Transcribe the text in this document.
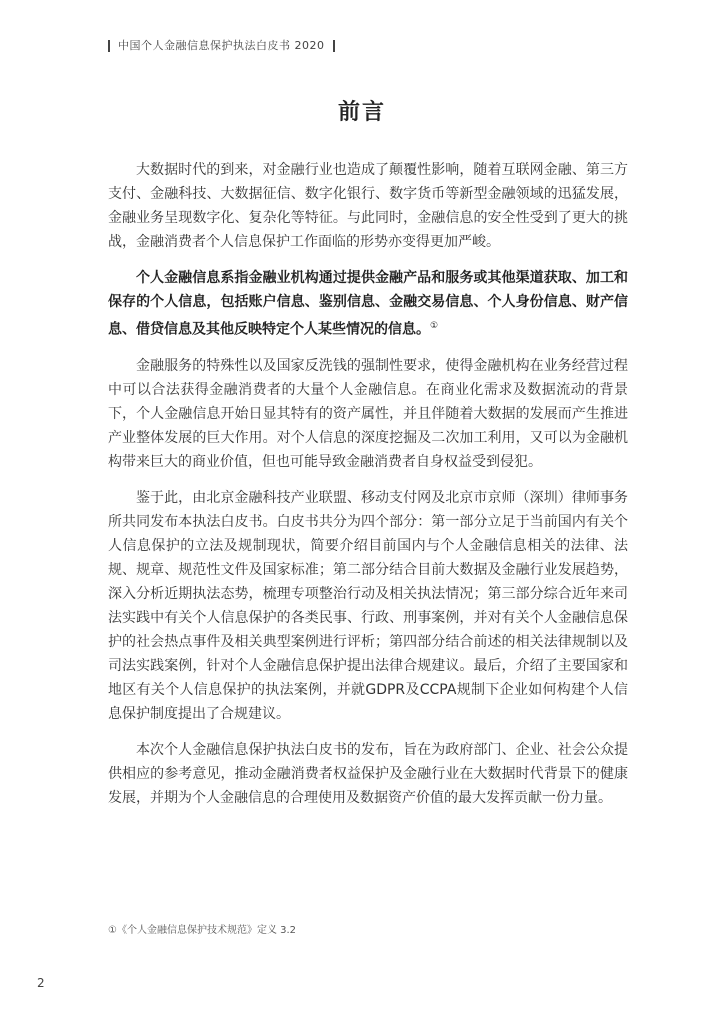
中国个人金融信息保护执法白皮书 2020
前言

大数据时代的到来，对金融行业也造成了颠覆性影响，随着互联网金融、第三方支付、金融科技、大数据征信、数字化银行、数字货币等新型金融领域的迅猛发展，金融业务呈现数字化、复杂化等特征。与此同时，金融信息的安全性受到了更大的挑战，金融消费者个人信息保护工作面临的形势亦变得更加严峻。

个人金融信息系指金融业机构通过提供金融产品和服务或其他渠道获取、加工和保存的个人信息，包括账户信息、鉴别信息、金融交易信息、个人身份信息、财产信息、借贷信息及其他反映特定个人某些情况的信息。①

金融服务的特殊性以及国家反洗钱的强制性要求，使得金融机构在业务经营过程中可以合法获得金融消费者的大量个人金融信息。在商业化需求及数据流动的背景下，个人金融信息开始日显其特有的资产属性，并且伴随着大数据的发展而产生推进产业整体发展的巨大作用。对个人信息的深度挖掘及二次加工利用，又可以为金融机构带来巨大的商业价值，但也可能导致金融消费者自身权益受到侵犯。

鉴于此，由北京金融科技产业联盟、移动支付网及北京市京师（深圳）律师事务所共同发布本执法白皮书。白皮书共分为四个部分：第一部分立足于当前国内有关个人信息保护的立法及规制现状，简要介绍目前国内与个人金融信息相关的法律、法规、规章、规范性文件及国家标准；第二部分结合目前大数据及金融行业发展趋势，深入分析近期执法态势，梳理专项整治行动及相关执法情况；第三部分综合近年来司法实践中有关个人信息保护的各类民事、行政、刑事案例，并对有关个人金融信息保护的社会热点事件及相关典型案例进行评析；第四部分结合前述的相关法律规制以及司法实践案例，针对个人金融信息保护提出法律合规建议。最后，介绍了主要国家和地区有关个人信息保护的执法案例，并就GDPR及CCPA规制下企业如何构建个人信息保护制度提出了合规建议。

本次个人金融信息保护执法白皮书的发布，旨在为政府部门、企业、社会公众提供相应的参考意见，推动金融消费者权益保护及金融行业在大数据时代背景下的健康发展，并期为个人金融信息的合理使用及数据资产价值的最大发挥贡献一份力量。

①《个人金融信息保护技术规范》定义 3.2
2
